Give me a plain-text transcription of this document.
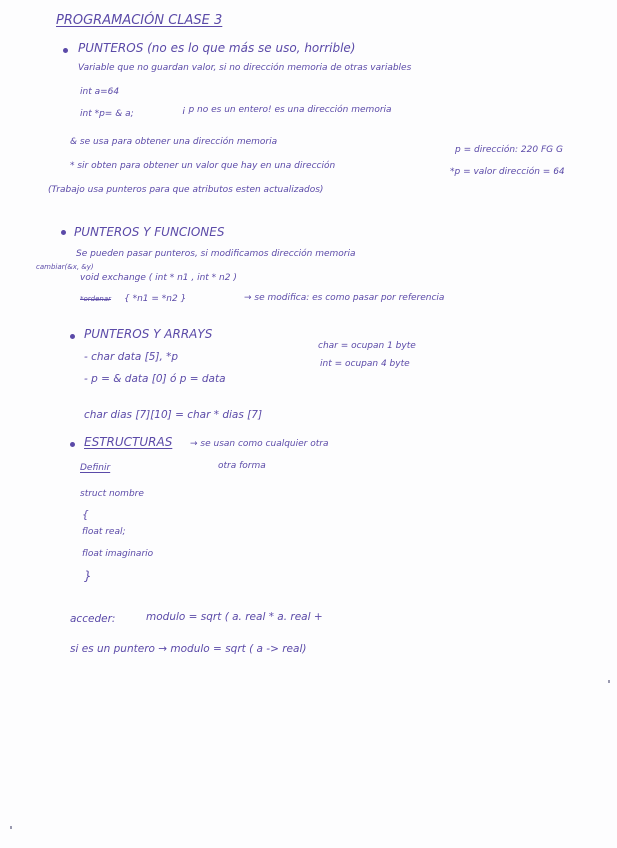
PROGRAMACIÓN CLASE 3
PUNTEROS (no es lo que más se uso, horrible)
Variable que no guardan valor, si no dirección memoria de otras variables
int a=64
int *p= & a;	¡ p no es un entero! es una dirección memoria
& se usa para obtener una dirección memoria
* sir obten para obtener un valor que hay en una dirección
p = dirección: 220 FG G
*p = valor dirección = 64
(Trabajo usa punteros para que atributos esten actualizados)
PUNTEROS Y FUNCIONES
Se pueden pasar punteros, si modificamos dirección memoria
cambiar(&x, &y)
void exchange ( int * n1 , int * n2 )
*ordenar { *n1 = *n2 }	→ se modifica: es como pasar por referencia
PUNTEROS Y ARRAYS
- char data [5], *p
char = ocupan 1 byte
int = ocupan 4 byte
- p = & data [0] ó p = data
char dias [7][10] = char * dias [7]
ESTRUCTURAS → se usan como cualquier otra
otra forma
Definir
struct nombre
{
float real;
float imaginario
}
acceder:	modulo = sqrt ( a. real * a. real +
si es un puntero → modulo = sqrt ( a -> real)
